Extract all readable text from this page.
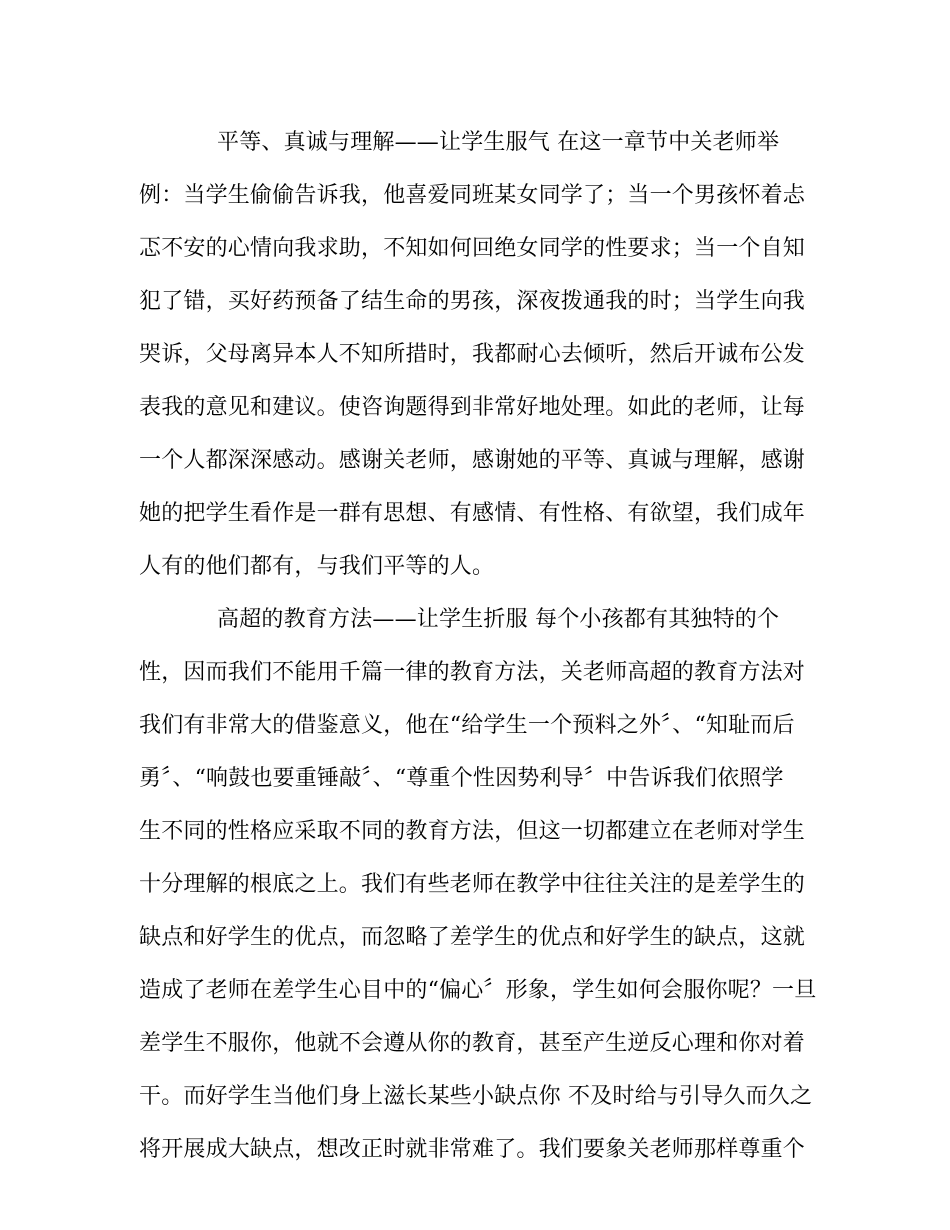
平等、真诚与理解——让学生服气 在这一章节中关老师举
例：当学生偷偷告诉我，他喜爱同班某女同学了；当一个男孩怀着忐
忑不安的心情向我求助，不知如何回绝女同学的性要求；当一个自知
犯了错，买好药预备了结生命的男孩，深夜拨通我的时；当学生向我
哭诉，父母离异本人不知所措时，我都耐心去倾听，然后开诚布公发
表我的意见和建议。使咨询题得到非常好地处理。如此的老师，让每
一个人都深深感动。感谢关老师，感谢她的平等、真诚与理解，感谢
她的把学生看作是一群有思想、有感情、有性格、有欲望，我们成年
人有的他们都有，与我们平等的人。
高超的教育方法——让学生折服 每个小孩都有其独特的个
性，因而我们不能用千篇一律的教育方法，关老师高超的教育方法对
我们有非常大的借鉴意义，他在“给学生一个预料之外〞、“知耻而后
勇〞、“响鼓也要重锤敲〞、“尊重个性因势利导〞中告诉我们依照学
生不同的性格应采取不同的教育方法，但这一切都建立在老师对学生
十分理解的根底之上。我们有些老师在教学中往往关注的是差学生的
缺点和好学生的优点，而忽略了差学生的优点和好学生的缺点，这就
造成了老师在差学生心目中的“偏心〞形象，学生如何会服你呢？一旦
差学生不服你，他就不会遵从你的教育，甚至产生逆反心理和你对着
干。而好学生当他们身上滋长某些小缺点你 不及时给与引导久而久之
将开展成大缺点，想改正时就非常难了。我们要象关老师那样尊重个
